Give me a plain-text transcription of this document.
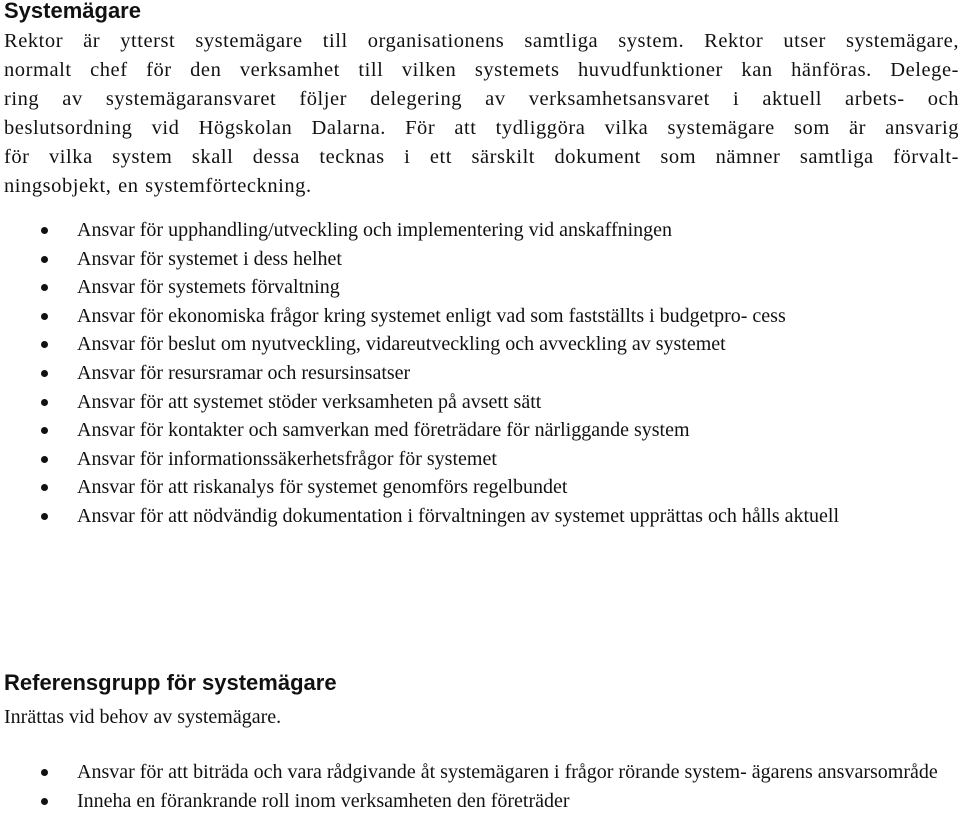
Systemägare

Rektor är ytterst systemägare till organisationens samtliga system. Rektor utser systemägare,
normalt chef för den verksamhet till vilken systemets huvudfunktioner kan hänföras. Delege-
ring av systemägaransvaret följer delegering av verksamhetsansvaret i aktuell arbets- och
beslutsordning vid Högskolan Dalarna. För att tydliggöra vilka systemägare som är ansvarig
för vilka system skall dessa tecknas i ett särskilt dokument som nämner samtliga förvalt-
ningsobjekt, en systemförteckning.

Ansvar för upphandling/utveckling och implementering vid anskaffningen
Ansvar för systemet i dess helhet
Ansvar för systemets förvaltning
Ansvar för ekonomiska frågor kring systemet enligt vad som fastställts i budgetpro- cess
Ansvar för beslut om nyutveckling, vidareutveckling och avveckling av systemet
Ansvar för resursramar och resursinsatser
Ansvar för att systemet stöder verksamheten på avsett sätt
Ansvar för kontakter och samverkan med företrädare för närliggande system
Ansvar för informationssäkerhetsfrågor för systemet
Ansvar för att riskanalys för systemet genomförs regelbundet
Ansvar för att nödvändig dokumentation i förvaltningen av systemet upprättas och hålls aktuell
Referensgrupp för systemägare

Inrättas vid behov av systemägare.

Ansvar för att biträda och vara rådgivande åt systemägaren i frågor rörande system- ägarens ansvarsområde
Inneha en förankrande roll inom verksamheten den företräder
